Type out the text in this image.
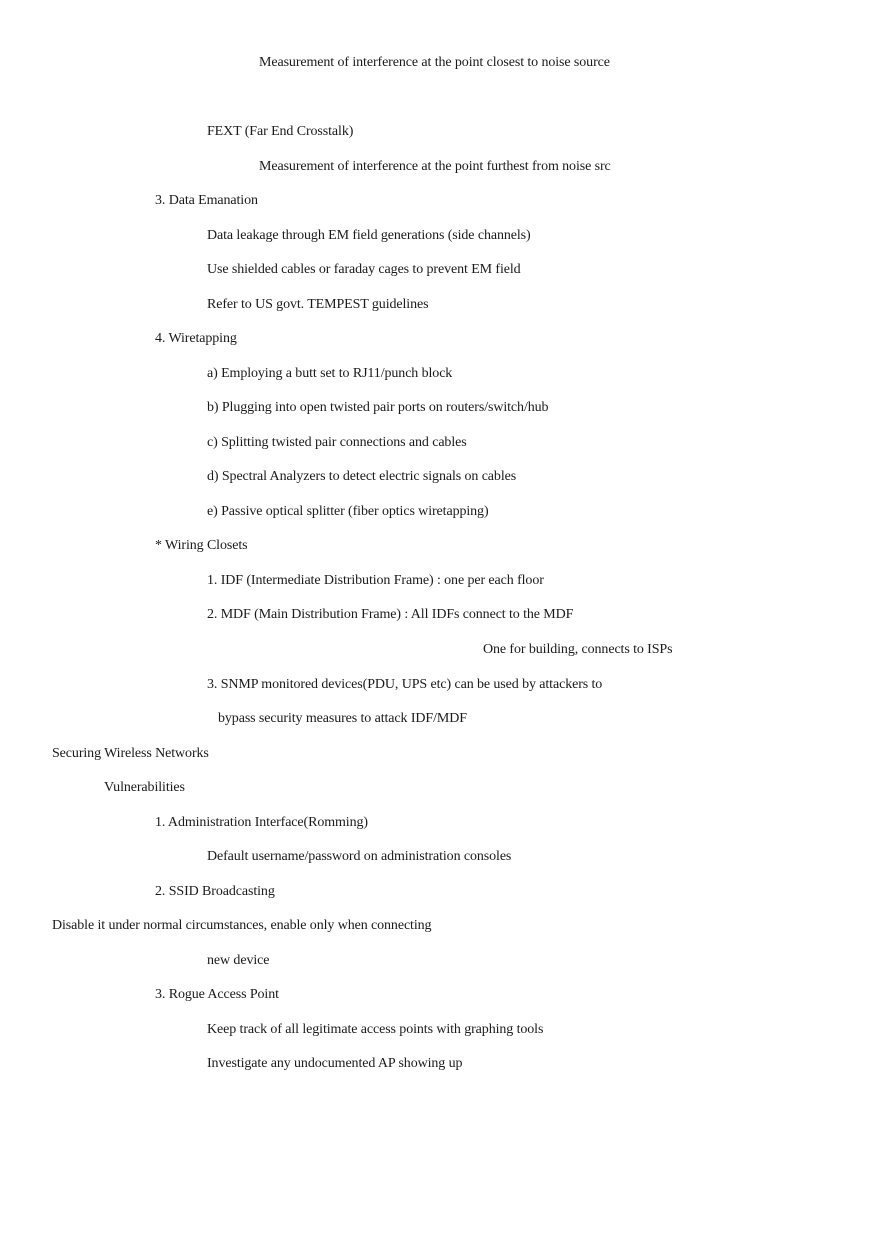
Measurement of interference at the point closest to noise source
FEXT (Far End Crosstalk)
Measurement of interference at the point furthest from noise src
3. Data Emanation
Data leakage through EM field generations (side channels)
Use shielded cables or faraday cages to prevent EM field
Refer to US govt. TEMPEST guidelines
4. Wiretapping
a) Employing a butt set to RJ11/punch block
b) Plugging into open twisted pair ports on routers/switch/hub
c) Splitting twisted pair connections and cables
d) Spectral Analyzers to detect electric signals on cables
e) Passive optical splitter (fiber optics wiretapping)
* Wiring Closets
1. IDF (Intermediate Distribution Frame) : one per each floor
2. MDF (Main Distribution Frame) : All IDFs connect to the MDF
One for building, connects to ISPs
3. SNMP monitored devices(PDU, UPS etc) can be used by attackers to
bypass security measures to attack IDF/MDF
Securing Wireless Networks
Vulnerabilities
1. Administration Interface(Romming)
Default username/password on administration consoles
2. SSID Broadcasting
Disable it under normal circumstances, enable only when connecting
new device
3. Rogue Access Point
Keep track of all legitimate access points with graphing tools
Investigate any undocumented AP showing up
